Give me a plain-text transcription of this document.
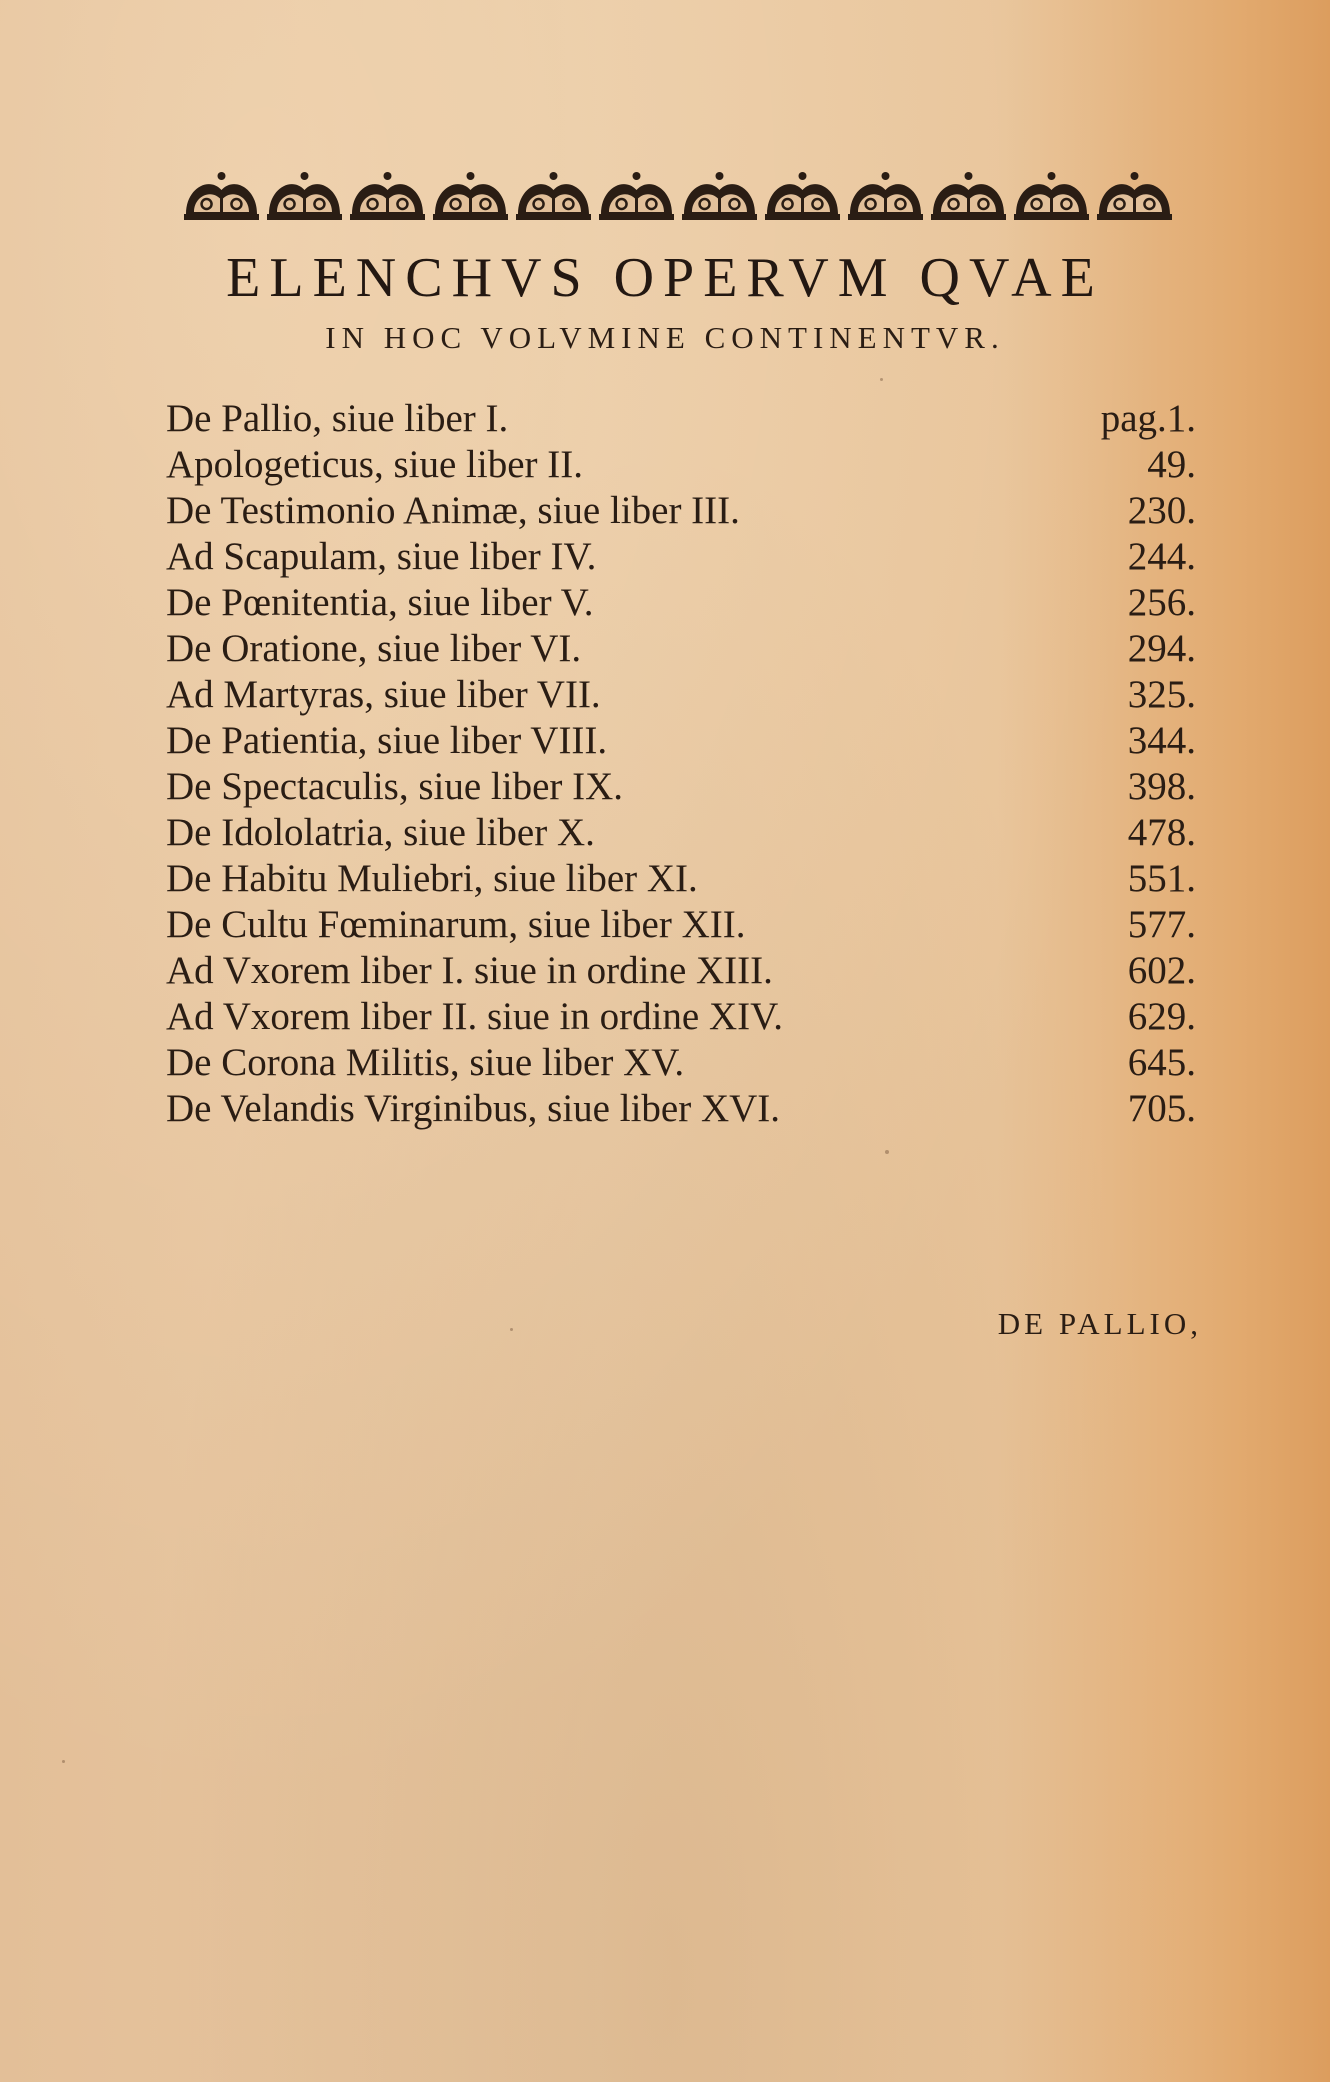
ELENCHVS OPERVM QVAE
IN HOC VOLVMINE CONTINENTVR.
De Pallio, siue liber I.	pag.1.
Apologeticus, siue liber II.	49.
De Testimonio Animæ, siue liber III.	230.
Ad Scapulam, siue liber IV.	244.
De Pœnitentia, siue liber V.	256.
De Oratione, siue liber VI.	294.
Ad Martyras, siue liber VII.	325.
De Patientia, siue liber VIII.	344.
De Spectaculis, siue liber IX.	398.
De Idololatria, siue liber X.	478.
De Habitu Muliebri, siue liber XI.	551.
De Cultu Fœminarum, siue liber XII.	577.
Ad Vxorem liber I. siue in ordine XIII.	602.
Ad Vxorem liber II. siue in ordine XIV.	629.
De Corona Militis, siue liber XV.	645.
De Velandis Virginibus, siue liber XVI.	705.
DE PALLIO,
